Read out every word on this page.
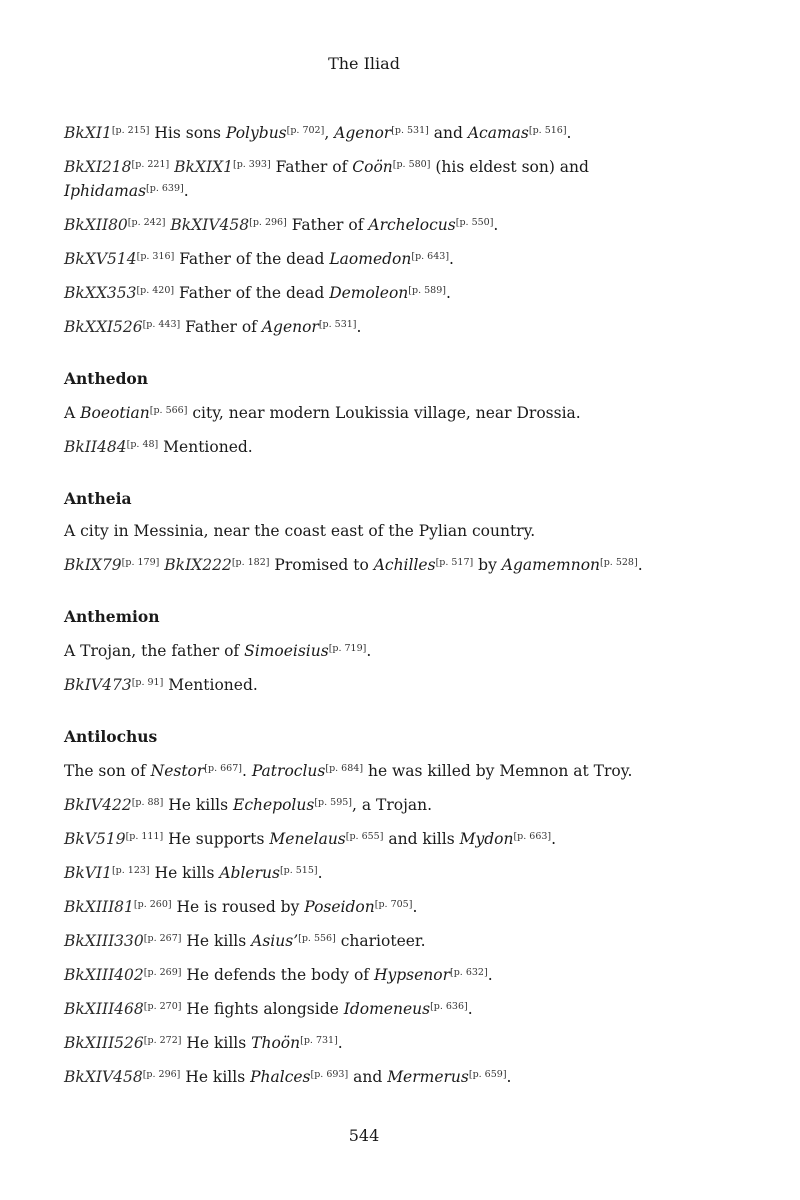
The Iliad
BkXI1[p. 215] His sons Polybus[p. 702], Agenor[p. 531] and Acamas[p. 516].
BkXI218[p. 221] BkXIX1[p. 393] Father of Coön[p. 580] (his eldest son) and Iphidamas[p. 639].
BkXII80[p. 242] BkXIV458[p. 296] Father of Archelocus[p. 550].
BkXV514[p. 316] Father of the dead Laomedon[p. 643].
BkXX353[p. 420] Father of the dead Demoleon[p. 589].
BkXXI526[p. 443] Father of Agenor[p. 531].
Anthedon
A Boeotian[p. 566] city, near modern Loukissia village, near Drossia.
BkII484[p. 48] Mentioned.
Antheia
A city in Messinia, near the coast east of the Pylian country.
BkIX79[p. 179] BkIX222[p. 182] Promised to Achilles[p. 517] by Agamemnon[p. 528].
Anthemion
A Trojan, the father of Simoeisius[p. 719].
BkIV473[p. 91] Mentioned.
Antilochus
The son of Nestor[p. 667]. Patroclus[p. 684] he was killed by Memnon at Troy.
BkIV422[p. 88] He kills Echepolus[p. 595], a Trojan.
BkV519[p. 111] He supports Menelaus[p. 655] and kills Mydon[p. 663].
BkVI1[p. 123] He kills Ablerus[p. 515].
BkXIII81[p. 260] He is roused by Poseidon[p. 705].
BkXIII330[p. 267] He kills Asius’[p. 556] charioteer.
BkXIII402[p. 269] He defends the body of Hypsenor[p. 632].
BkXIII468[p. 270] He fights alongside Idomeneus[p. 636].
BkXIII526[p. 272] He kills Thoön[p. 731].
BkXIV458[p. 296] He kills Phalces[p. 693] and Mermerus[p. 659].
544
